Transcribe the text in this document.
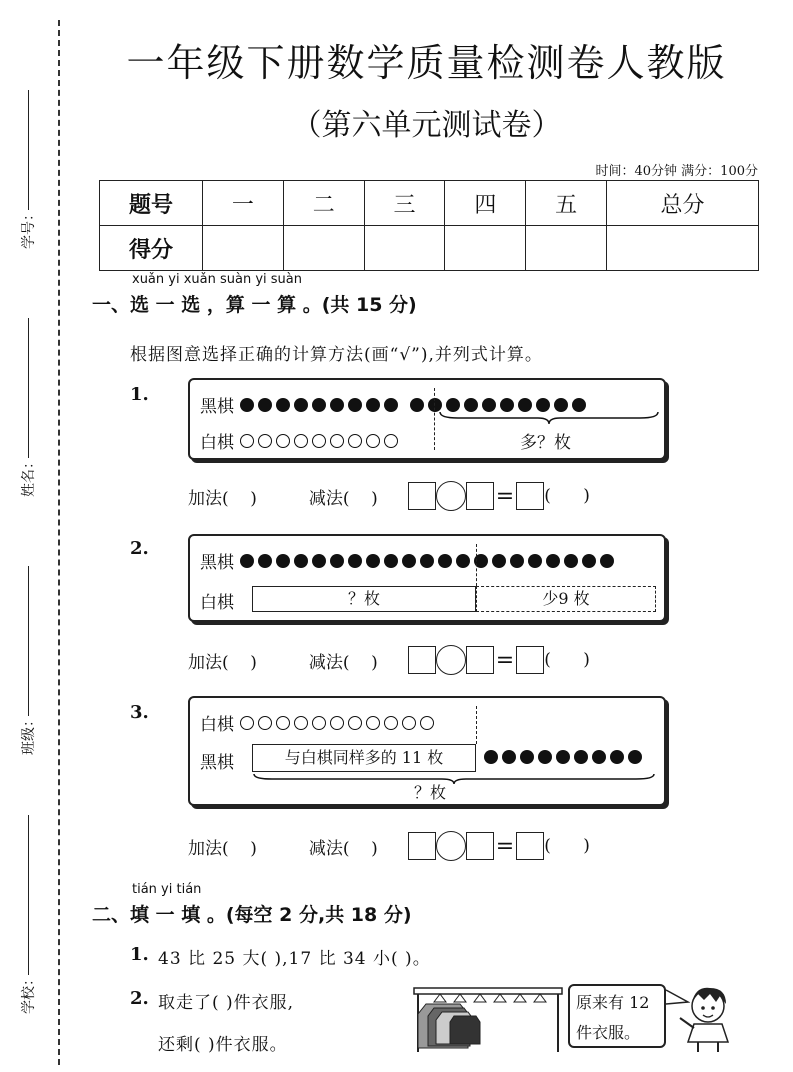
学号：
姓名：
班级：
学校：
一年级下册数学质量检测卷人教版
（第六单元测试卷）
时间：40分钟 满分：100分
题号	一	二	三	四	五	总分
得分						
xuǎn yi xuǎn suàn yi suàn
一、选 一 选 ，算 一 算 。(共 15 分)
根据图意选择正确的计算方法(画“√”),并列式计算。
1.
黑棋
白棋	多？枚
加法(    )	减法(    )	= (      )
2.
黑棋
白棋	？枚	少9 枚
加法(    )	减法(    )	= (      )
3.
白棋
黑棋	与白棋同样多的 11 枚
？枚
加法(    )	减法(    )	= (      )
tián yi tián
二、填 一 填 。(每空 2 分,共 18 分)
1. 43 比 25 大( ),17 比 34 小( )。
2. 取走了( )件衣服,
还剩( )件衣服。
原来有 12
件衣服。
